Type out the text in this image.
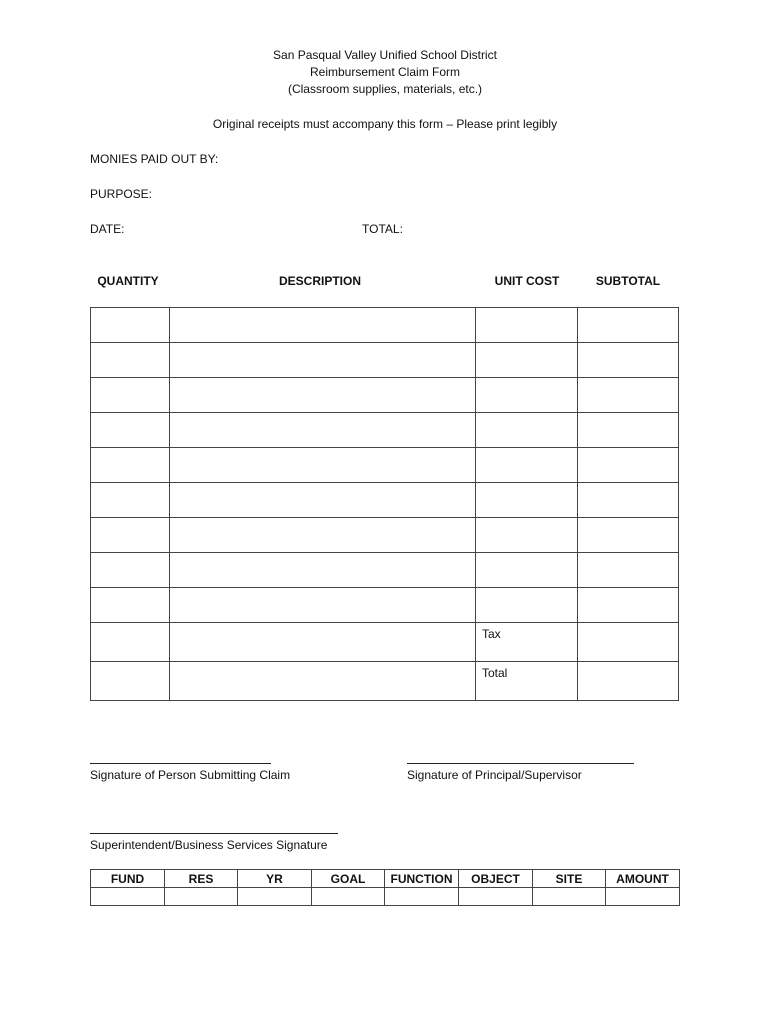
San Pasqual Valley Unified School District
Reimbursement Claim Form
(Classroom supplies, materials, etc.)
Original receipts must accompany this form – Please print legibly
MONIES PAID OUT BY:
PURPOSE:
DATE:	TOTAL:
QUANTITY	DESCRIPTION	UNIT COST	SUBTOTAL

		Tax	
		Total	
Signature of Person Submitting Claim	Signature of Principal/Supervisor
Superintendent/Business Services Signature
FUND	RES	YR	GOAL	FUNCTION	OBJECT	SITE	AMOUNT
